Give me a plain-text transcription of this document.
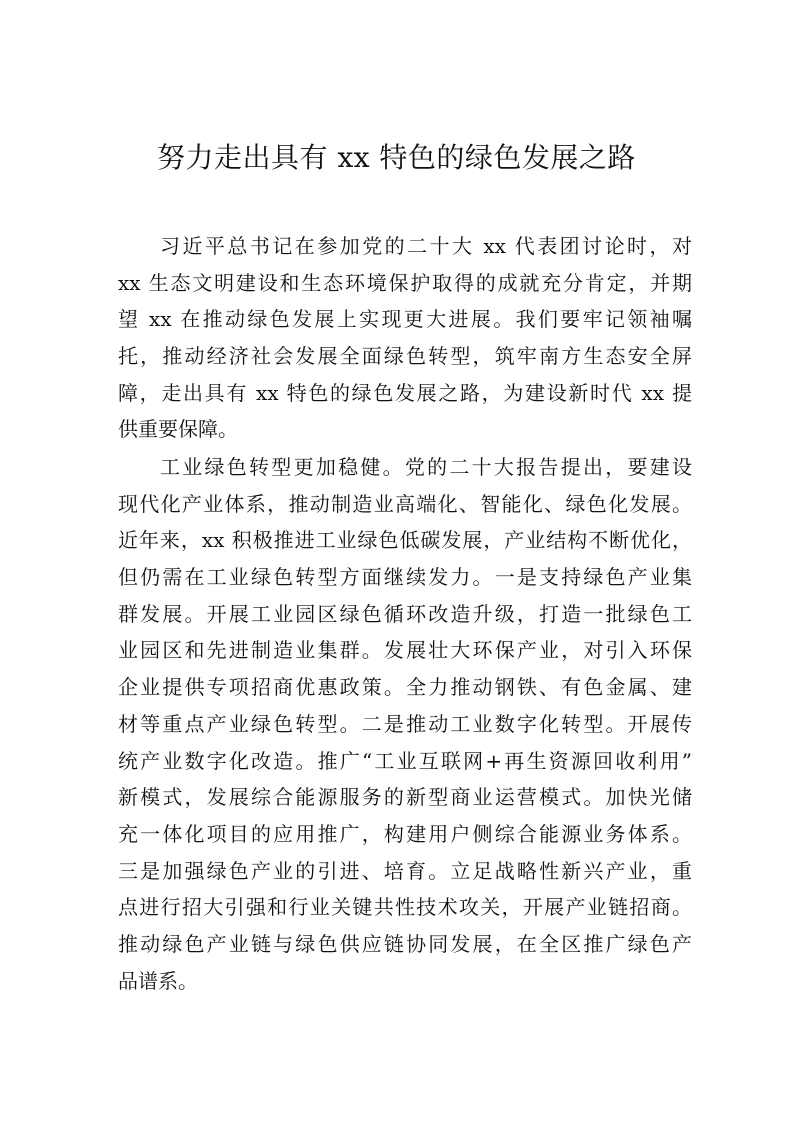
努力走出具有 xx 特色的绿色发展之路
习近平总书记在参加党的二十大 xx 代表团讨论时，对
xx 生态文明建设和生态环境保护取得的成就充分肯定，并期
望 xx 在推动绿色发展上实现更大进展。我们要牢记领袖嘱
托，推动经济社会发展全面绿色转型，筑牢南方生态安全屏
障，走出具有 xx 特色的绿色发展之路，为建设新时代 xx 提
供重要保障。
工业绿色转型更加稳健。党的二十大报告提出，要建设
现代化产业体系，推动制造业高端化、智能化、绿色化发展。
近年来，xx 积极推进工业绿色低碳发展，产业结构不断优化，
但仍需在工业绿色转型方面继续发力。一是支持绿色产业集
群发展。开展工业园区绿色循环改造升级，打造一批绿色工
业园区和先进制造业集群。发展壮大环保产业，对引入环保
企业提供专项招商优惠政策。全力推动钢铁、有色金属、建
材等重点产业绿色转型。二是推动工业数字化转型。开展传
统产业数字化改造。推广“工业互联网+再生资源回收利用”
新模式，发展综合能源服务的新型商业运营模式。加快光储
充一体化项目的应用推广，构建用户侧综合能源业务体系。
三是加强绿色产业的引进、培育。立足战略性新兴产业，重
点进行招大引强和行业关键共性技术攻关，开展产业链招商。
推动绿色产业链与绿色供应链协同发展，在全区推广绿色产
品谱系。
